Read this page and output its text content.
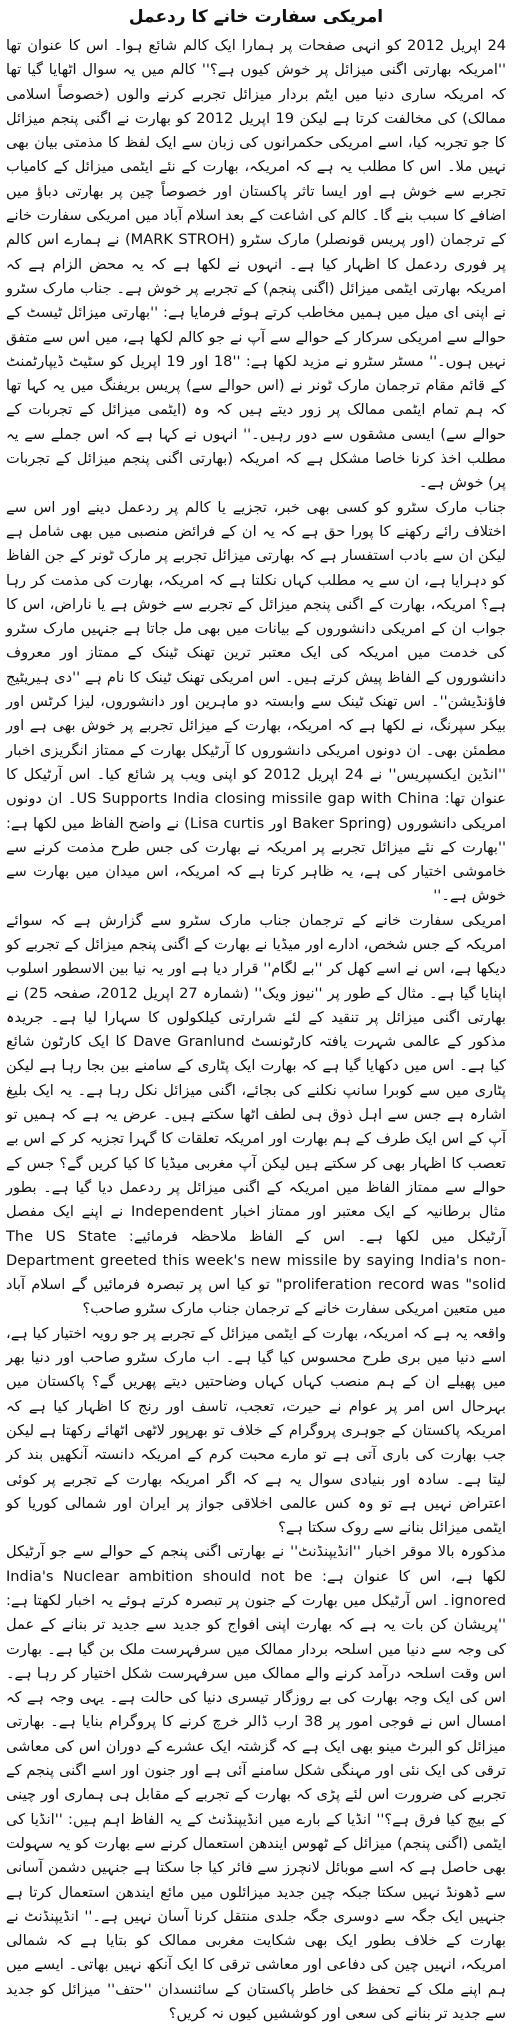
امریکی سفارت خانے کا ردعمل

24 اپریل 2012 کو انہی صفحات پر ہمارا ایک کالم شائع ہوا۔ اس کا عنوان تھا ''امریکہ بھارتی اگنی میزائل پر خوش کیوں ہے؟'' کالم میں یہ سوال اٹھایا گیا تھا کہ امریکہ ساری دنیا میں ایٹم بردار میزائل تجربے کرنے والوں (خصوصاً اسلامی ممالک) کی مخالفت کرتا ہے لیکن 19 اپریل 2012 کو بھارت نے اگنی پنجم میزائل کا جو تجربہ کیا، اسے امریکی حکمرانوں کی زبان سے ایک لفظ کا مذمتی بیان بھی نہیں ملا۔ اس کا مطلب یہ ہے کہ امریکہ، بھارت کے نئے ایٹمی میزائل کے کامیاب تجربے سے خوش ہے اور ایسا تاثر پاکستان اور خصوصاً چین پر بھارتی دباؤ میں اضافے کا سبب بنے گا۔ کالم کی اشاعت کے بعد اسلام آباد میں امریکی سفارت خانے کے ترجمان (اور پریس قونصلر) مارک سٹرو (MARK STROH) نے ہمارے اس کالم پر فوری ردعمل کا اظہار کیا ہے۔ انہوں نے لکھا ہے کہ یہ محض الزام ہے کہ امریکہ بھارتی ایٹمی میزائل (اگنی پنجم) کے تجربے پر خوش ہے۔ جناب مارک سٹرو نے اپنی ای میل میں ہمیں مخاطب کرتے ہوئے فرمایا ہے: ''بھارتی میزائل ٹیسٹ کے حوالے سے امریکی سرکار کے حوالے سے آپ نے جو کالم لکھا ہے، میں اس سے متفق نہیں ہوں۔'' مسٹر سٹرو نے مزید لکھا ہے: ''18 اور 19 اپریل کو سٹیٹ ڈیپارٹمنٹ کے قائم مقام ترجمان مارک ٹونر نے (اس حوالے سے) پریس بریفنگ میں یہ کہا تھا کہ ہم تمام ایٹمی ممالک پر زور دیتے ہیں کہ وہ (ایٹمی میزائل کے تجربات کے حوالے سے) ایسی مشقوں سے دور رہیں۔'' انہوں نے کہا ہے کہ اس جملے سے یہ مطلب اخذ کرنا خاصا مشکل ہے کہ امریکہ (بھارتی اگنی پنجم میزائل کے تجربات پر) خوش ہے۔

جناب مارک سٹرو کو کسی بھی خبر، تجزیے یا کالم پر ردعمل دینے اور اس سے اختلاف رائے رکھنے کا پورا حق ہے کہ یہ ان کے فرائض منصبی میں بھی شامل ہے لیکن ان سے بادب استفسار ہے کہ بھارتی میزائل تجربے پر مارک ٹونر کے جن الفاظ کو دہرایا ہے، ان سے یہ مطلب کہاں نکلتا ہے کہ امریکہ، بھارت کی مذمت کر رہا ہے؟ امریکہ، بھارت کے اگنی پنجم میزائل کے تجربے سے خوش ہے یا ناراض، اس کا جواب ان کے امریکی دانشوروں کے بیانات میں بھی مل جاتا ہے جنہیں مارک سٹرو کی خدمت میں امریکہ کی ایک معتبر ترین تھنک ٹینک کے ممتاز اور معروف دانشوروں کے الفاظ پیش کرتے ہیں۔ اس امریکی تھنک ٹینک کا نام ہے ''دی ہیریٹیج فاؤنڈیشن''۔ اس تھنک ٹینک سے وابستہ دو ماہرین اور دانشوروں، لیزا کرٹس اور بیکر سپرنگ، نے لکھا ہے کہ امریکہ، بھارت کے میزائل تجربے پر خوش بھی ہے اور مطمئن بھی۔ ان دونوں امریکی دانشوروں کا آرٹیکل بھارت کے ممتاز انگریزی اخبار ''انڈین ایکسپریس'' نے 24 اپریل 2012 کو اپنی ویب پر شائع کیا۔ اس آرٹیکل کا عنوان تھا: US Supports India closing missile gap with China۔ ان دونوں امریکی دانشوروں (Baker Spring اور Lisa curtis) نے واضح الفاظ میں لکھا ہے: ''بھارت کے نئے میزائل تجربے پر امریکہ نے بھارت کی جس طرح مذمت کرنے سے خاموشی اختیار کی ہے، یہ ظاہر کرتا ہے کہ امریکہ، اس میدان میں بھارت سے خوش ہے۔''

امریکی سفارت خانے کے ترجمان جناب مارک سٹرو سے گزارش ہے کہ سوائے امریکہ کے جس شخص، ادارے اور میڈیا نے بھارت کے اگنی پنجم میزائل کے تجربے کو دیکھا ہے، اس نے اسے کھل کر ''بے لگام'' قرار دیا ہے اور یہ نیا بین الاسطور اسلوب اپنایا گیا ہے۔ مثال کے طور پر ''نیوز ویک'' (شمارہ 27 اپریل 2012، صفحہ 25) نے بھارتی اگنی میزائل پر تنقید کے لئے شرارتی کیلکولوں کا سہارا لیا ہے۔ جریدہ مذکور کے عالمی شہرت یافتہ کارٹونسٹ Dave Granlund کا ایک کارٹون شائع کیا ہے۔ اس میں دکھایا گیا ہے کہ بھارت ایک پٹاری کے سامنے بین بجا رہا ہے لیکن پٹاری میں سے کوبرا سانپ نکلنے کی بجائے، اگنی میزائل نکل رہا ہے۔ یہ ایک بلیغ اشارہ ہے جس سے اہل ذوق ہی لطف اٹھا سکتے ہیں۔ عرض یہ ہے کہ ہمیں تو آپ کے اس ایک طرف کے ہم بھارت اور امریکہ تعلقات کا گہرا تجزیہ کر کے اس بے تعصب کا اظہار بھی کر سکتے ہیں لیکن آپ مغربی میڈیا کا کیا کریں گے؟ جس کے حوالے سے ممتاز الفاظ میں امریکہ کے اگنی میزائل پر ردعمل دیا گیا ہے۔ بطور مثال برطانیہ کے ایک معتبر اور ممتاز اخبار Independent نے اپنے ایک مفصل آرٹیکل میں لکھا ہے۔ اس کے الفاظ ملاحظہ فرمائیے: The US State Department greeted this week's new missile by saying India's non-proliferation record was "solid" تو کیا اس پر تبصرہ فرمائیں گے اسلام آباد میں متعین امریکی سفارت خانے کے ترجمان جناب مارک سٹرو صاحب؟

واقعہ یہ ہے کہ امریکہ، بھارت کے ایٹمی میزائل کے تجربے پر جو رویہ اختیار کیا ہے، اسے دنیا میں بری طرح محسوس کیا گیا ہے۔ اب مارک سٹرو صاحب اور دنیا بھر میں پھیلے ان کے ہم منصب کہاں کہاں وضاحتیں دیتے پھریں گے؟ پاکستان میں بہرحال اس امر پر عوام نے حیرت، تعجب، تاسف اور رنج کا اظہار کیا ہے کہ امریکہ پاکستان کے جوہری پروگرام کے خلاف تو بھرپور لاٹھی اٹھائے رکھتا ہے لیکن جب بھارت کی باری آتی ہے تو مارے محبت کرم کے امریکہ دانستہ آنکھیں بند کر لیتا ہے۔ سادہ اور بنیادی سوال یہ ہے کہ اگر امریکہ بھارت کے تجربے پر کوئی اعتراض نہیں ہے تو وہ کس عالمی اخلاقی جواز پر ایران اور شمالی کوریا کو ایٹمی میزائل بنانے سے روک سکتا ہے؟

مذکورہ بالا موقر اخبار ''انڈیپنڈنٹ'' نے بھارتی اگنی پنجم کے حوالے سے جو آرٹیکل لکھا ہے، اس کا عنوان ہے: India's Nuclear ambition should not be ignored۔ اس آرٹیکل میں بھارت کے جنون پر تبصرہ کرتے ہوئے یہ اخبار لکھتا ہے: ''پریشان کن بات یہ ہے کہ بھارت اپنی افواج کو جدید سے جدید تر بنانے کے عمل کی وجہ سے دنیا میں اسلحہ بردار ممالک میں سرفہرست ملک بن گیا ہے۔ بھارت اس وقت اسلحہ درآمد کرنے والے ممالک میں سرفہرست شکل اختیار کر رہا ہے۔ اس کی ایک وجہ بھارت کی بے روزگار تیسری دنیا کی حالت ہے۔ یہی وجہ ہے کہ امسال اس نے فوجی امور پر 38 ارب ڈالر خرچ کرنے کا پروگرام بنایا ہے۔ بھارتی میزائل کو البرٹ مینو بھی ایک ہے کہ گزشتہ ایک عشرے کے دوران اس کی معاشی ترقی کی ایک نئی اور مہنگی شکل سامنے آئی ہے اور جنون اور اسے اگنی پنجم کے تجربے کی ضرورت اس لئے پڑی کہ بھارت کے تجربے کے مقابل ہی ہماری اور چینی کے بیچ کیا فرق ہے؟'' انڈیا کے بارے میں انڈیپنڈنٹ کے یہ الفاظ اہم ہیں: ''انڈیا کی ایٹمی (اگنی پنجم) میزائل کے ٹھوس ایندھن استعمال کرنے سے بھارت کو یہ سہولت بھی حاصل ہے کہ اسے موبائل لانچرز سے فائر کیا جا سکتا ہے جنہیں دشمن آسانی سے ڈھونڈ نہیں سکتا جبکہ چین جدید میزائلوں میں مائع ایندھن استعمال کرتا ہے جنہیں ایک جگہ سے دوسری جگہ جلدی منتقل کرنا آسان نہیں ہے۔'' انڈیپنڈنٹ نے بھارت کے خلاف بطور ایک بھی شکایت مغربی ممالک کو بتایا ہے کہ شمالی امریکہ، انہیں چین کی دفاعی اور معاشی ترقی کا ایک آنکھ نہیں بھاتی۔ ایسے میں ہم اپنے ملک کے تحفظ کی خاطر پاکستان کے سائنسدان ''حتف'' میزائل کو جدید سے جدید تر بنانے کی سعی اور کوششیں کیوں نہ کریں؟
